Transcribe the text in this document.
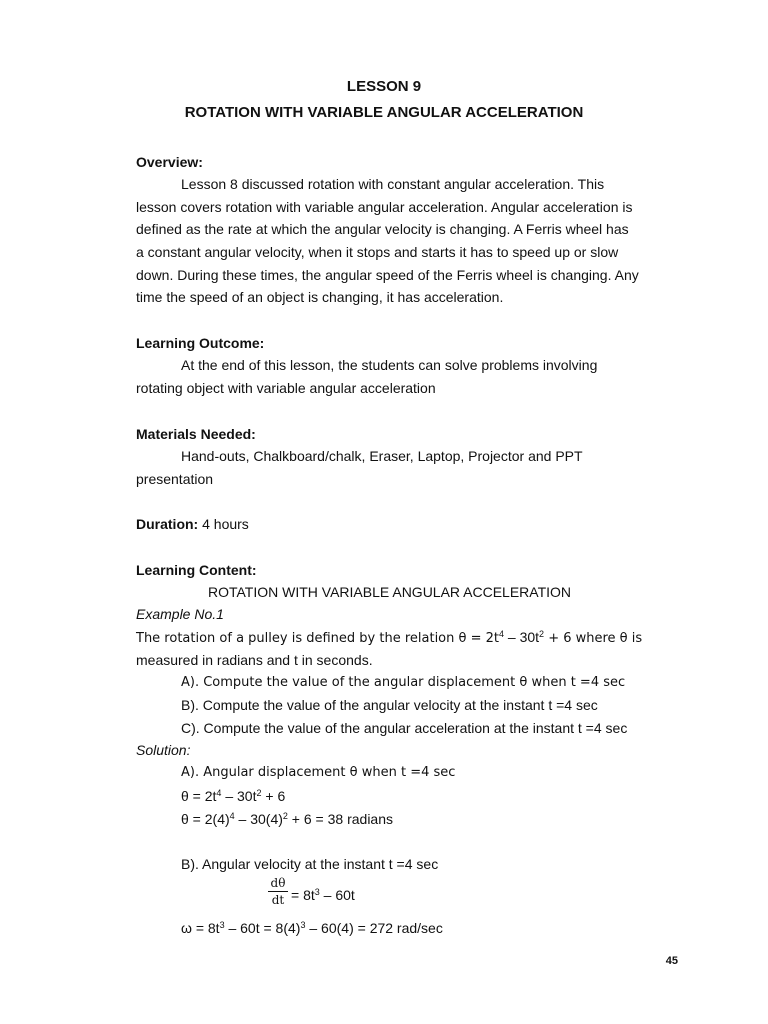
LESSON 9
ROTATION WITH VARIABLE ANGULAR ACCELERATION
Overview:
Lesson 8 discussed rotation with constant angular acceleration. This
lesson covers rotation with variable angular acceleration. Angular acceleration is
defined as the rate at which the angular velocity is changing. A Ferris wheel has
a constant angular velocity, when it stops and starts it has to speed up or slow
down. During these times, the angular speed of the Ferris wheel is changing. Any
time the speed of an object is changing, it has acceleration.
Learning Outcome:
At the end of this lesson, the students can solve problems involving
rotating object with variable angular acceleration
Materials Needed:
Hand-outs, Chalkboard/chalk, Eraser, Laptop, Projector and PPT
presentation
Duration: 4 hours
Learning Content:
ROTATION WITH VARIABLE ANGULAR ACCELERATION
Example No.1
The rotation of a pulley is defined by the relation $\theta = 2t^4 - 30t^2 + 6$ where θ is
measured in radians and t in seconds.
A). Compute the value of the angular displacement θ when t =4 sec
B). Compute the value of the angular velocity at the instant t =4 sec
C). Compute the value of the angular acceleration at the instant t =4 sec
Solution:
A). Angular displacement θ when t =4 sec
$\theta = 2t^4 - 30t^2 + 6$
$\theta = 2(4)^4 - 30(4)^2 + 6 = 38$ radians
B). Angular velocity at the instant t =4 sec
dθ
dt = $8t^3 - 60t$
$\omega = 8t^3 - 60t = 8(4)^3 - 60(4) = 272$ rad/sec
45
